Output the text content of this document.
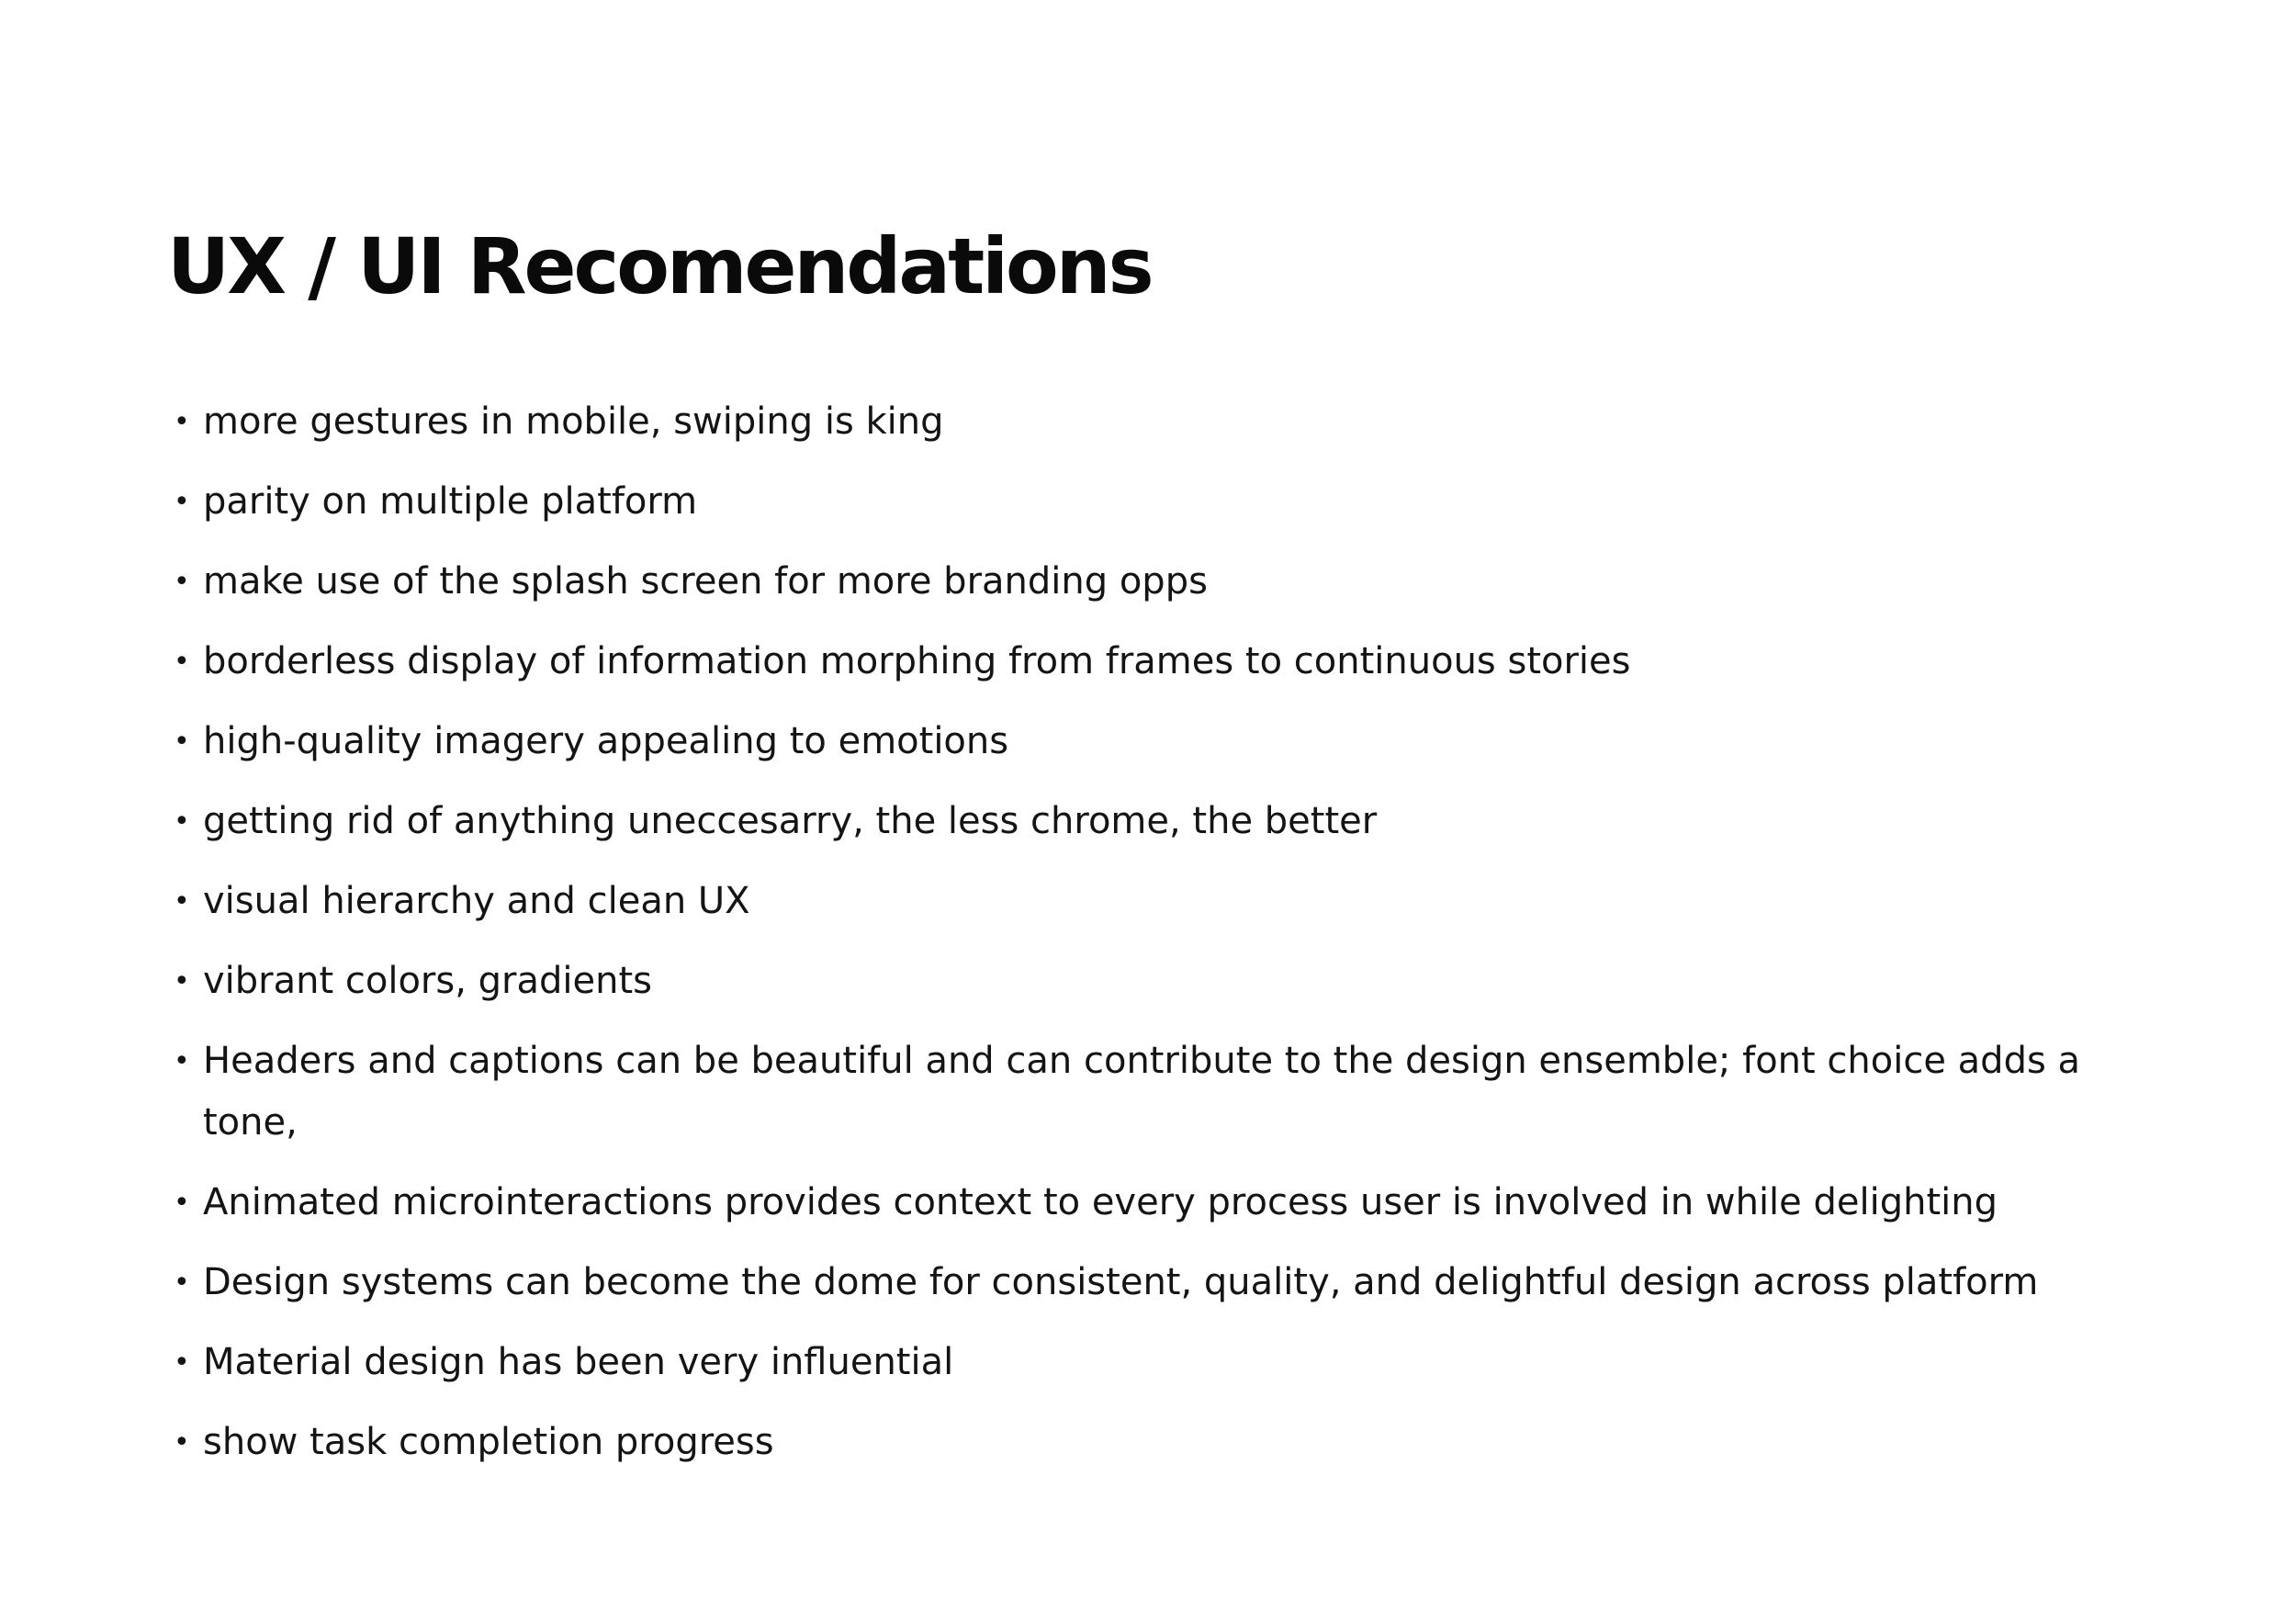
UX / UI Recomendations
• more gestures in mobile, swiping is king
• parity on multiple platform
• make use of the splash screen for more branding opps
• borderless display of information morphing from frames to continuous stories
• high-quality imagery appealing to emotions
• getting rid of anything uneccesarry, the less chrome, the better
• visual hierarchy and clean UX
• vibrant colors, gradients
• Headers and captions can be beautiful and can contribute to the design ensemble; font choice adds a tone,
• Animated microinteractions provides context to every process user is involved in while delighting
• Design systems can become the dome for consistent, quality, and delightful design across platform
• Material design has been very influential
• show task completion progress
